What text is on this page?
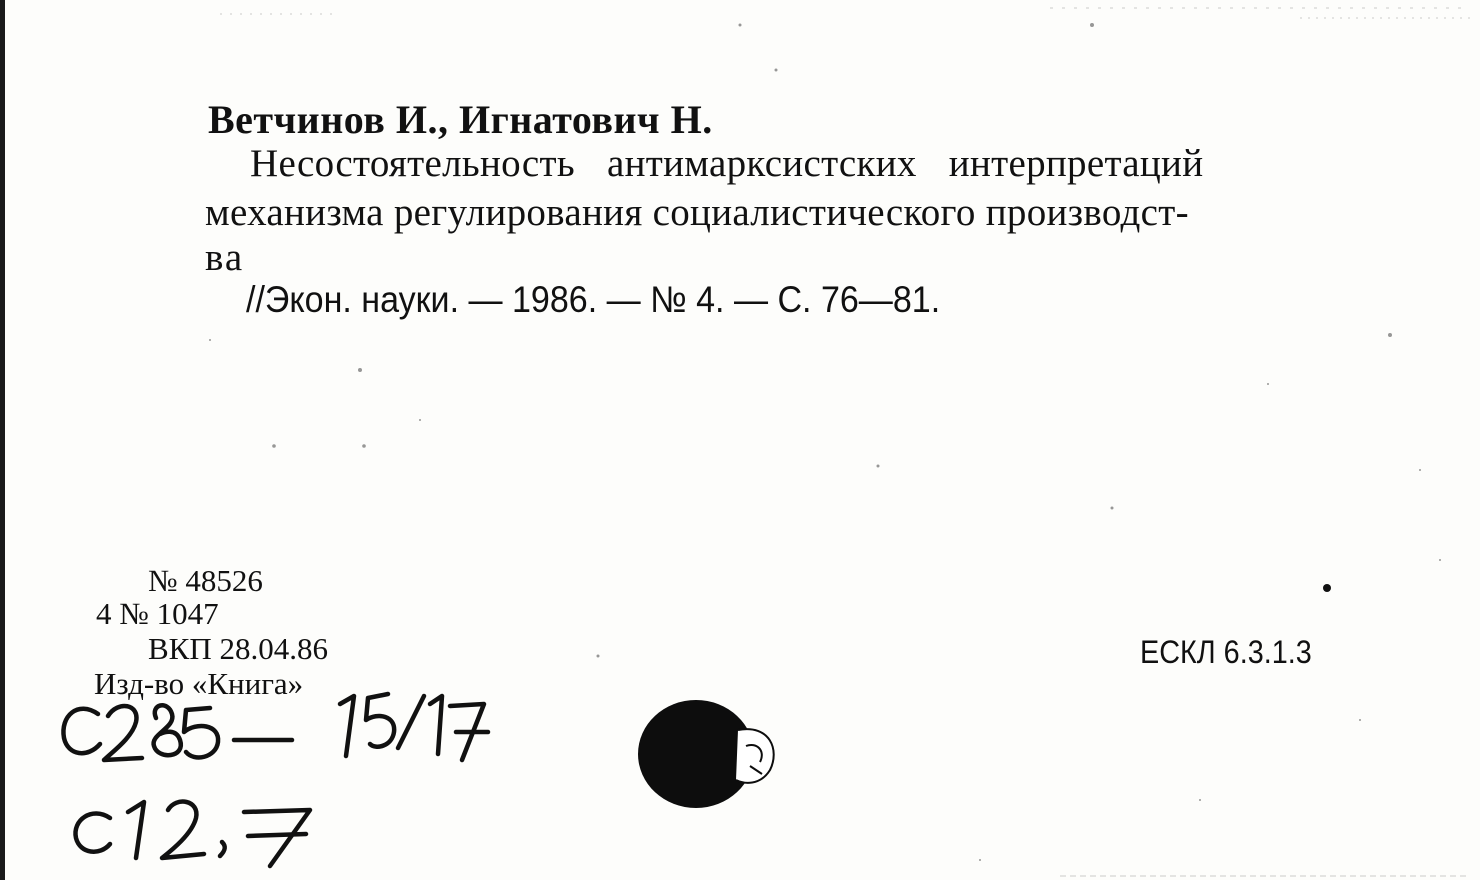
Ветчинов И., Игнатович Н.
Несостоятельность антимарксистских интерпретаций
механизма регулирования социалистического производст-
ва
//Экон. науки. — 1986. — № 4. — С. 76—81.
№ 48526
4 № 1047
ВКП 28.04.86
Изд-во «Книга»
ЕСКЛ 6.3.1.3
